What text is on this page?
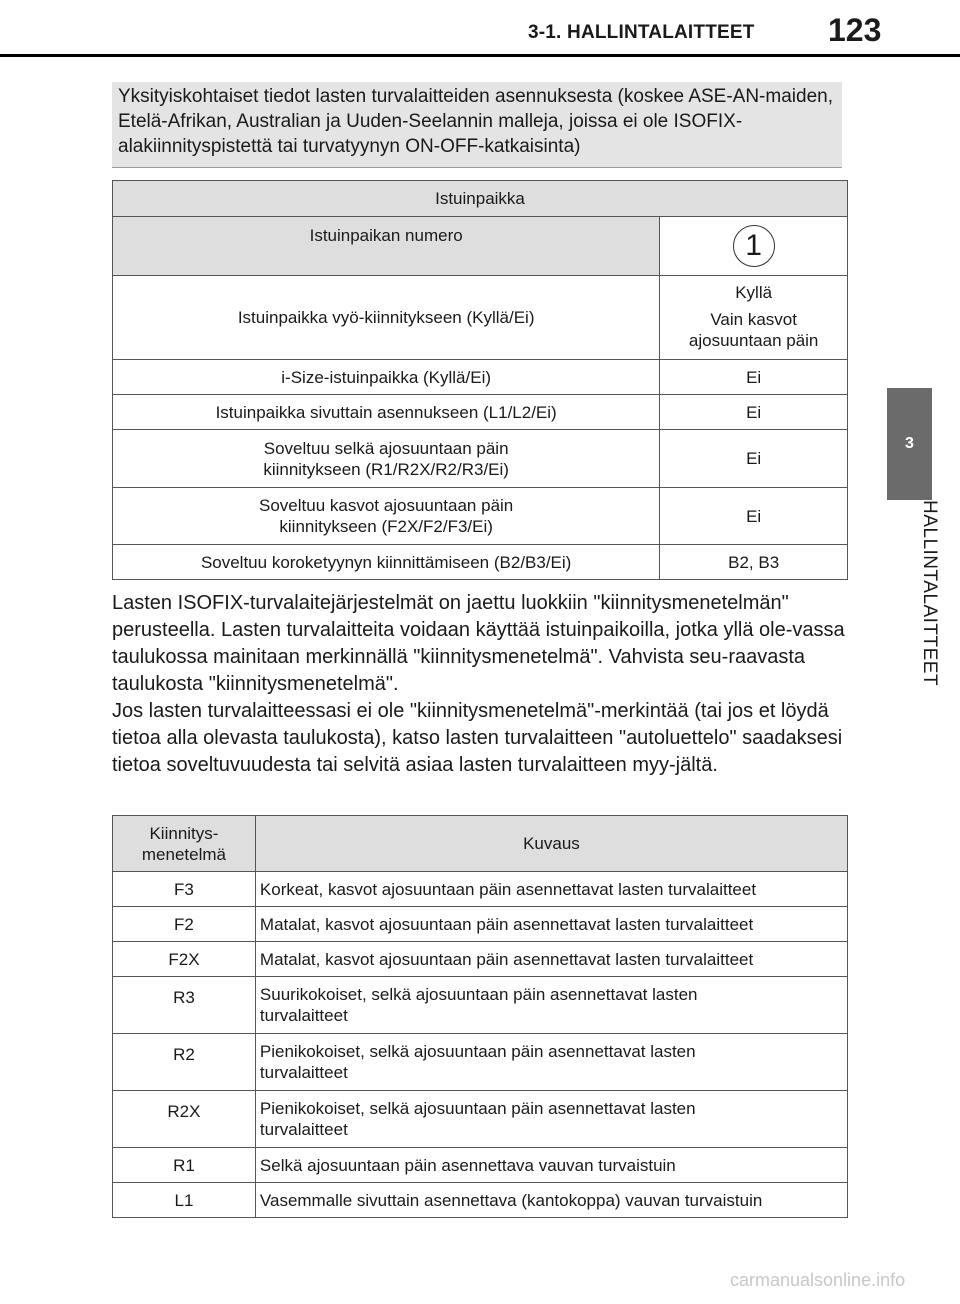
3-1. HALLINTALAITTEET 123
3
HALLINTALAITTEET
Yksityiskohtaiset tiedot lasten turvalaitteiden asennuksesta (koskee ASE-AN-maiden, Etelä-Afrikan, Australian ja Uuden-Seelannin malleja, joissa ei ole ISOFIX-alakiinnityspistettä tai turvatyynyn ON-OFF-katkaisinta)
Istuinpaikka	
Istuinpaikan numero	1
Istuinpaikka vyö-kiinnitykseen (Kyllä/Ei)	Kyllä
Vain kasvot ajosuuntaan päin

i-Size-istuinpaikka (Kyllä/Ei)	Ei
Istuinpaikka sivuttain asennukseen (L1/L2/Ei)	Ei
Soveltuu selkä ajosuuntaan päin kiinnitykseen (R1/R2X/R2/R3/Ei)	Ei
Soveltuu kasvot ajosuuntaan päin kiinnitykseen (F2X/F2/F3/Ei)	Ei
Soveltuu koroketyynyn kiinnittämiseen (B2/B3/Ei)	B2, B3

Lasten ISOFIX-turvalaitejärjestelmät on jaettu luokkiin "kiinnitysmenetelmän" perusteella. Lasten turvalaitteita voidaan käyttää istuinpaikoilla, jotka yllä ole-vassa taulukossa mainitaan merkinnällä "kiinnitysmenetelmä". Vahvista seu-raavasta taulukosta "kiinnitysmenetelmä".
Jos lasten turvalaitteessasi ei ole "kiinnitysmenetelmä"-merkintää (tai jos et löydä tietoa alla olevasta taulukosta), katso lasten turvalaitteen "autoluettelo" saadaksesi tietoa soveltuvuudesta tai selvitä asiaa lasten turvalaitteen myy-jältä.

Kiinnitys-menetelmä	Kuvaus
F3	Korkeat, kasvot ajosuuntaan päin asennettavat lasten turvalaitteet
F2	Matalat, kasvot ajosuuntaan päin asennettavat lasten turvalaitteet
F2X	Matalat, kasvot ajosuuntaan päin asennettavat lasten turvalaitteet
R3	Suurikokoiset, selkä ajosuuntaan päin asennettavat lasten turvalaitteet
R2	Pienikokoiset, selkä ajosuuntaan päin asennettavat lasten turvalaitteet
R2X	Pienikokoiset, selkä ajosuuntaan päin asennettavat lasten turvalaitteet
R1	Selkä ajosuuntaan päin asennettava vauvan turvaistuin
L1	Vasemmalle sivuttain asennettava (kantokoppa) vauvan turvaistuin
carmanualsonline.info
